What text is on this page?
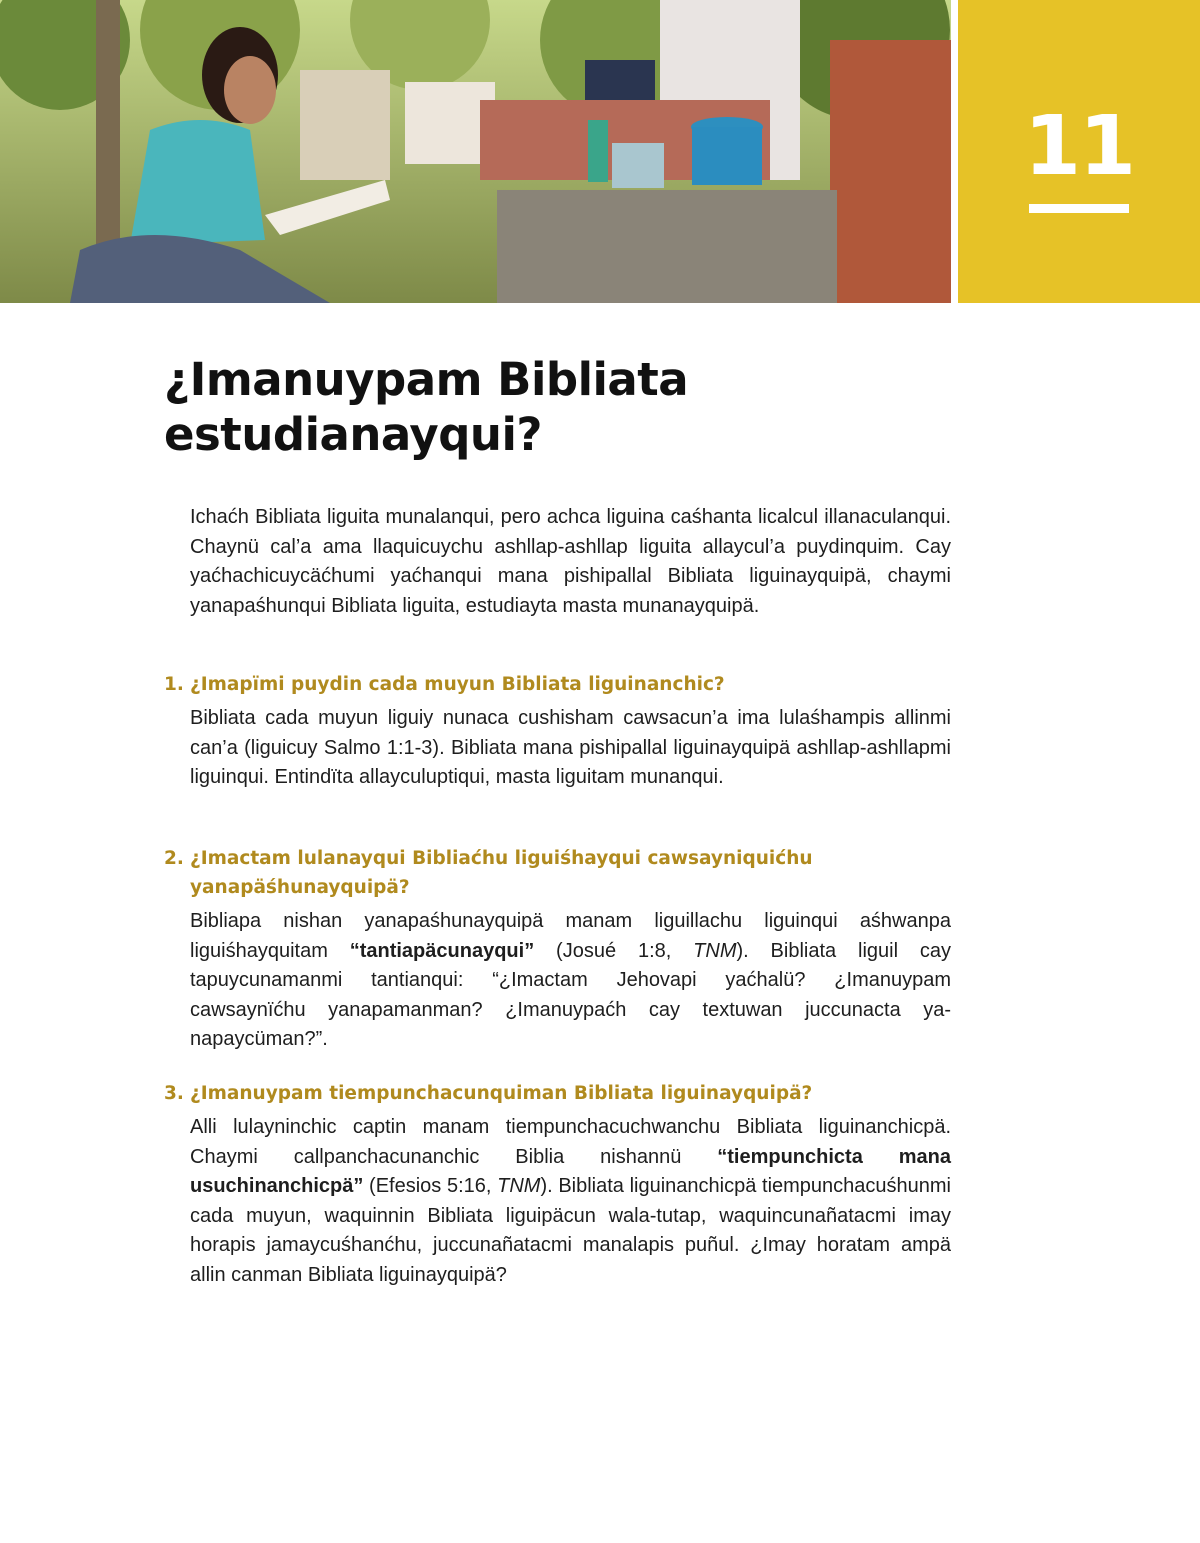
11
¿Imanuypam Bibliata estudianayqui?

Ichaćh Bibliata liguita munalanqui, pero achca liguina caśhanta licalcul illanaculanqui. Chaynü cal’a ama llaquicuychu ashllap-ashllap liguita allaycul’a puydinquim. Cay yaćhachicuycäćhumi yaćhanqui mana pishipallal Bibliata liguinayquipä, chaymi yanapaśhunqui Bibliata liguita, estudiayta masta munanayquipä.

1. ¿Imapïmi puydin cada muyun Bibliata liguinanchic?

Bibliata cada muyun liguiy nunaca cushisham cawsacun’a ima lulaśhampis allinmi can’a (liguicuy Salmo 1:1-3). Bibliata mana pishipallal liguinayquipä ashllap-ashllapmi liguinqui. Entindïta allayculuptiqui, masta liguitam munanqui.

2. ¿Imactam lulanayqui Bibliaćhu liguiśhayqui cawsayniquićhu yanapäśhunayquipä?

Bibliapa nishan yanapaśhunayquipä manam liguillachu liguinqui aśhwanpa liguiśhayquitam “tantiapäcunayqui” (Josué 1:8, TNM). Bibliata liguil cay tapuycunamanmi tantianqui: “¿Imactam Jehovapi yaćhalü? ¿Imanuypam cawsaynïćhu yanapamanman? ¿Imanuypaćh cay textuwan juccunacta yanapaycüman?”.

3. ¿Imanuypam tiempunchacunquiman Bibliata liguinayquipä?

Alli lulayninchic captin manam tiempunchacuchwanchu Bibliata liguinanchicpä. Chaymi callpanchacunanchic Biblia nishannü “tiempunchicta mana usuchinanchicpä” (Efesios 5:16, TNM). Bibliata liguinanchicpä tiempunchacuśhunmi cada muyun, waquinnin Bibliata liguipäcun wala-tutap, waquincunañatacmi imay horapis jamaycuśhanćhu, juccunañatacmi manalapis puñul. ¿Imay horatam ampä allin canman Bibliata liguinayquipä?
